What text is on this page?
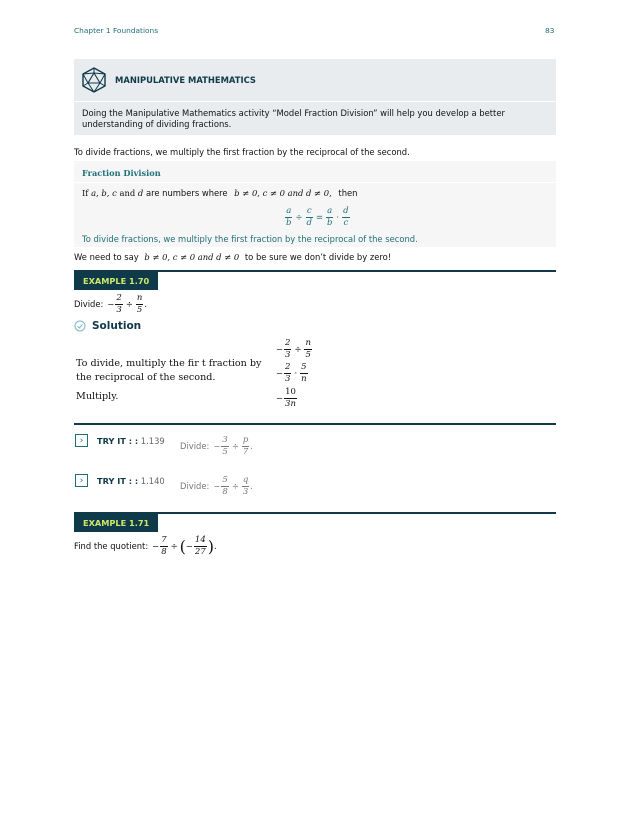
Chapter 1 Foundations	83
MANIPULATIVE MATHEMATICS
Doing the Manipulative Mathematics activity “Model Fraction Division” will help you develop a better understanding of dividing fractions.
To divide fractions, we multiply the first fraction by the reciprocal of the second.
Fraction Division
If a, b, c and d are numbers where b ≠ 0, c ≠ 0 and d ≠ 0, then
$\frac{a}{b} \div \frac{c}{d} = \frac{a}{b} \cdot \frac{d}{c}$
To divide fractions, we multiply the first fraction by the reciprocal of the second.
We need to say b ≠ 0, c ≠ 0 and d ≠ 0 to be sure we don’t divide by zero!
EXAMPLE 1.70
Divide: − $\frac{2}{3} \div \frac{n}{5}$ .
Solution
− $\frac{2}{3} \div \frac{n}{5}$
To divide, multiply the fir t fraction by the reciprocal of the second.	− $\frac{2}{3} \cdot \frac{5}{n}$
Multiply.	− $\frac{10}{3n}$
› TRY IT : : 1.139 Divide: − $\frac{3}{5} \div \frac{p}{7}$ .
› TRY IT : : 1.140 Divide: − $\frac{5}{8} \div \frac{q}{3}$ .
EXAMPLE 1.71
Find the quotient: − $\frac{7}{8}$ ÷ ( − $\frac{14}{27}$ ) .
